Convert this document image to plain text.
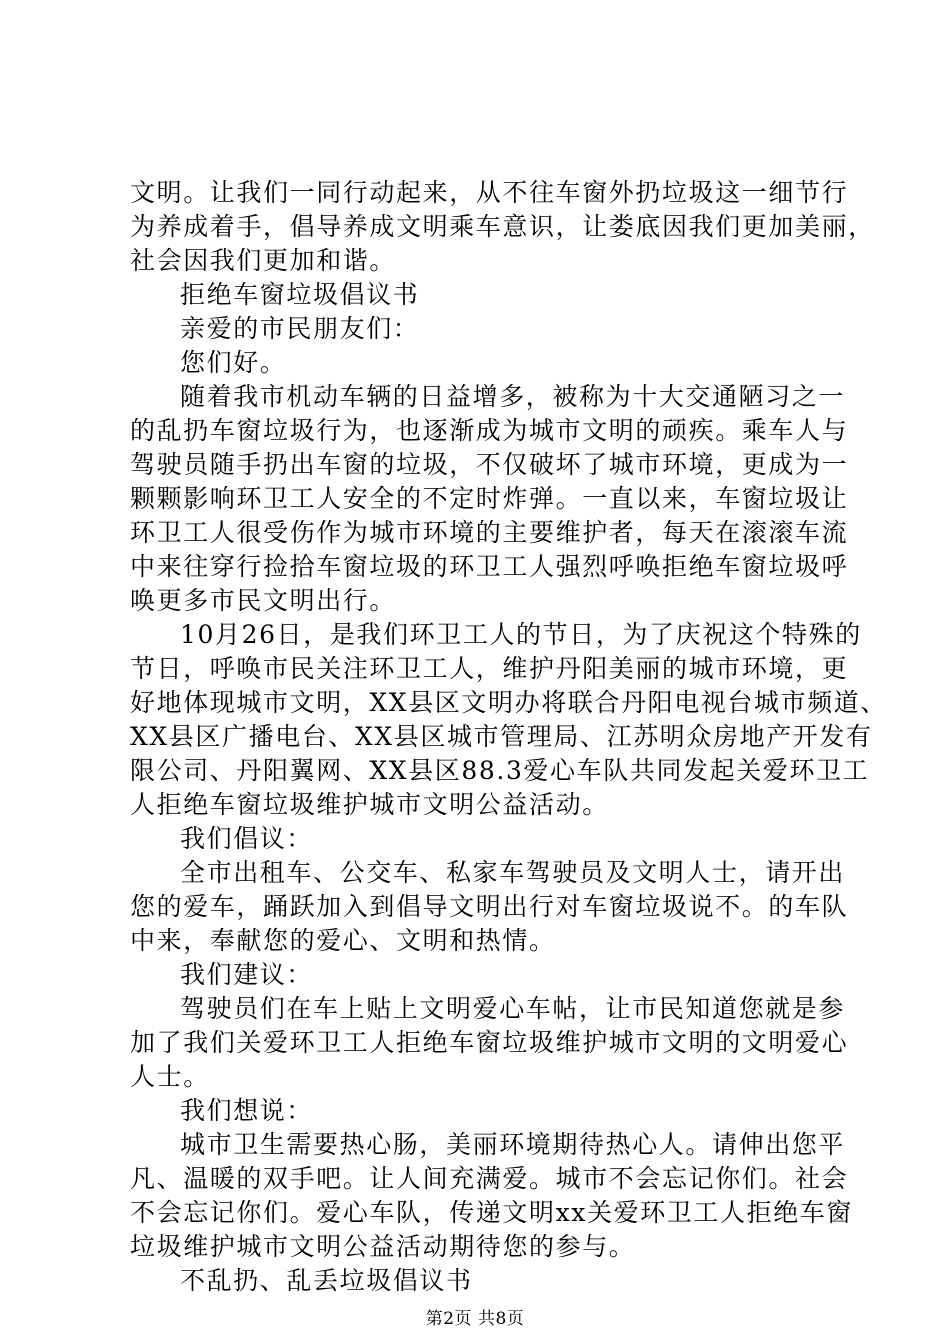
文明。让我们一同行动起来，从不往车窗外扔垃圾这一细节行
为养成着手，倡导养成文明乘车意识，让娄底因我们更加美丽，
社会因我们更加和谐。
拒绝车窗垃圾倡议书
亲爱的市民朋友们：
您们好。
随着我市机动车辆的日益增多，被称为十大交通陋习之一
的乱扔车窗垃圾行为，也逐渐成为城市文明的顽疾。乘车人与
驾驶员随手扔出车窗的垃圾，不仅破坏了城市环境，更成为一
颗颗影响环卫工人安全的不定时炸弹。一直以来，车窗垃圾让
环卫工人很受伤作为城市环境的主要维护者，每天在滚滚车流
中来往穿行捡拾车窗垃圾的环卫工人强烈呼唤拒绝车窗垃圾呼
唤更多市民文明出行。
10月26日，是我们环卫工人的节日，为了庆祝这个特殊的
节日，呼唤市民关注环卫工人，维护丹阳美丽的城市环境，更
好地体现城市文明，XX县区文明办将联合丹阳电视台城市频道、
XX县区广播电台、XX县区城市管理局、江苏明众房地产开发有
限公司、丹阳翼网、XX县区88.3爱心车队共同发起关爱环卫工
人拒绝车窗垃圾维护城市文明公益活动。
我们倡议：
全市出租车、公交车、私家车驾驶员及文明人士，请开出
您的爱车，踊跃加入到倡导文明出行对车窗垃圾说不。的车队
中来，奉献您的爱心、文明和热情。
我们建议：
驾驶员们在车上贴上文明爱心车帖，让市民知道您就是参
加了我们关爱环卫工人拒绝车窗垃圾维护城市文明的文明爱心
人士。
我们想说：
城市卫生需要热心肠，美丽环境期待热心人。请伸出您平
凡、温暖的双手吧。让人间充满爱。城市不会忘记你们。社会
不会忘记你们。爱心车队，传递文明xx关爱环卫工人拒绝车窗
垃圾维护城市文明公益活动期待您的参与。
不乱扔、乱丢垃圾倡议书
第2页 共8页
